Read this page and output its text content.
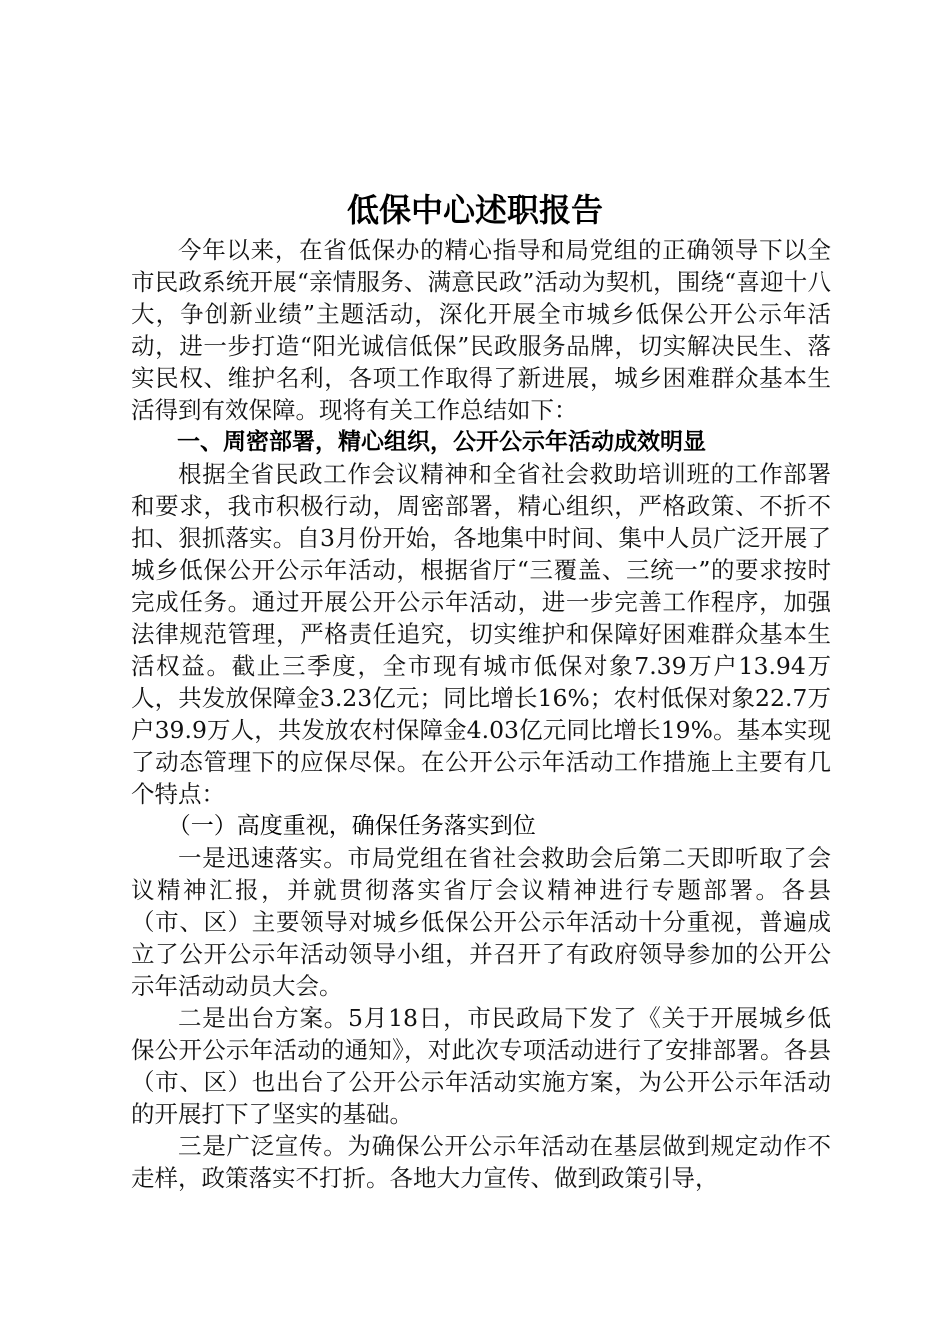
低保中心述职报告

今年以来，在省低保办的精心指导和局党组的正确领导下以全市民政系统开展“亲情服务、满意民政”活动为契机，围绕“喜迎十八大，争创新业绩”主题活动，深化开展全市城乡低保公开公示年活动，进一步打造“阳光诚信低保”民政服务品牌，切实解决民生、落实民权、维护名利，各项工作取得了新进展，城乡困难群众基本生活得到有效保障。现将有关工作总结如下：

一、周密部署，精心组织，公开公示年活动成效明显

根据全省民政工作会议精神和全省社会救助培训班的工作部署和要求，我市积极行动，周密部署，精心组织，严格政策、不折不扣、狠抓落实。自3月份开始，各地集中时间、集中人员广泛开展了城乡低保公开公示年活动，根据省厅“三覆盖、三统一”的要求按时完成任务。通过开展公开公示年活动，进一步完善工作程序，加强法律规范管理，严格责任追究，切实维护和保障好困难群众基本生活权益。截止三季度，全市现有城市低保对象7.39万户13.94万人，共发放保障金3.23亿元；同比增长16%；农村低保对象22.7万户39.9万人，共发放农村保障金4.03亿元同比增长19%。基本实现了动态管理下的应保尽保。在公开公示年活动工作措施上主要有几个特点：

（一）高度重视，确保任务落实到位

一是迅速落实。市局党组在省社会救助会后第二天即听取了会议精神汇报，并就贯彻落实省厅会议精神进行专题部署。各县（市、区）主要领导对城乡低保公开公示年活动十分重视，普遍成立了公开公示年活动领导小组，并召开了有政府领导参加的公开公示年活动动员大会。

二是出台方案。5月18日，市民政局下发了《关于开展城乡低保公开公示年活动的通知》，对此次专项活动进行了安排部署。各县（市、区）也出台了公开公示年活动实施方案，为公开公示年活动的开展打下了坚实的基础。

三是广泛宣传。为确保公开公示年活动在基层做到规定动作不走样，政策落实不打折。各地大力宣传、做到政策引导，
